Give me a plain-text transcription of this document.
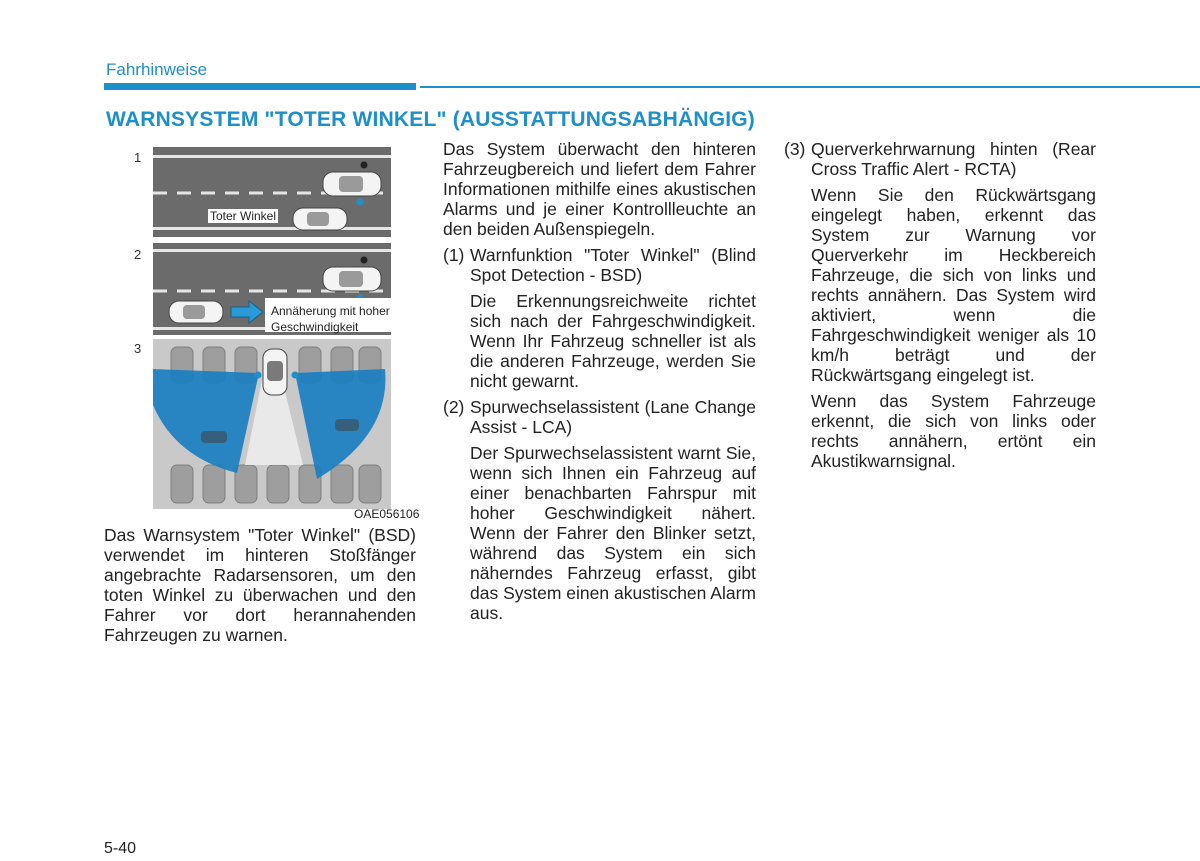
Fahrhinweise
WARNSYSTEM "TOTER WINKEL" (AUSSTATTUNGSABHÄNGIG)
1
2
3
Toter Winkel
Annäherung mit hoher
Geschwindigkeit
OAE056106

Das Warnsystem "Toter Winkel" (BSD) verwendet im hinteren Stoßfänger angebrachte Radarsensoren, um den toten Winkel zu überwachen und den Fahrer vor dort herannahenden Fahrzeugen zu warnen.

Das System überwacht den hinteren Fahrzeugbereich und liefert dem Fahrer Informationen mithilfe eines akustischen Alarms und je einer Kontrollleuchte an den beiden Außenspiegeln.

(1) Warnfunktion "Toter Winkel" (Blind Spot Detection - BSD)

Die Erkennungsreichweite richtet sich nach der Fahrgeschwindigkeit. Wenn Ihr Fahrzeug schneller ist als die anderen Fahrzeuge, werden Sie nicht gewarnt.

(2) Spurwechselassistent (Lane Change Assist - LCA)

Der Spurwechselassistent warnt Sie, wenn sich Ihnen ein Fahrzeug auf einer benachbarten Fahrspur mit hoher Geschwindigkeit nähert. Wenn der Fahrer den Blinker setzt, während das System ein sich näherndes Fahrzeug erfasst, gibt das System einen akustischen Alarm aus.

(3) Querverkehrwarnung hinten (Rear Cross Traffic Alert - RCTA)

Wenn Sie den Rückwärtsgang eingelegt haben, erkennt das System zur Warnung vor Querverkehr im Heckbereich Fahrzeuge, die sich von links und rechts annähern. Das System wird aktiviert, wenn die Fahrgeschwindigkeit weniger als 10 km/h beträgt und der Rückwärtsgang eingelegt ist.

Wenn das System Fahrzeuge erkennt, die sich von links oder rechts annähern, ertönt ein Akustikwarnsignal.

5-40
